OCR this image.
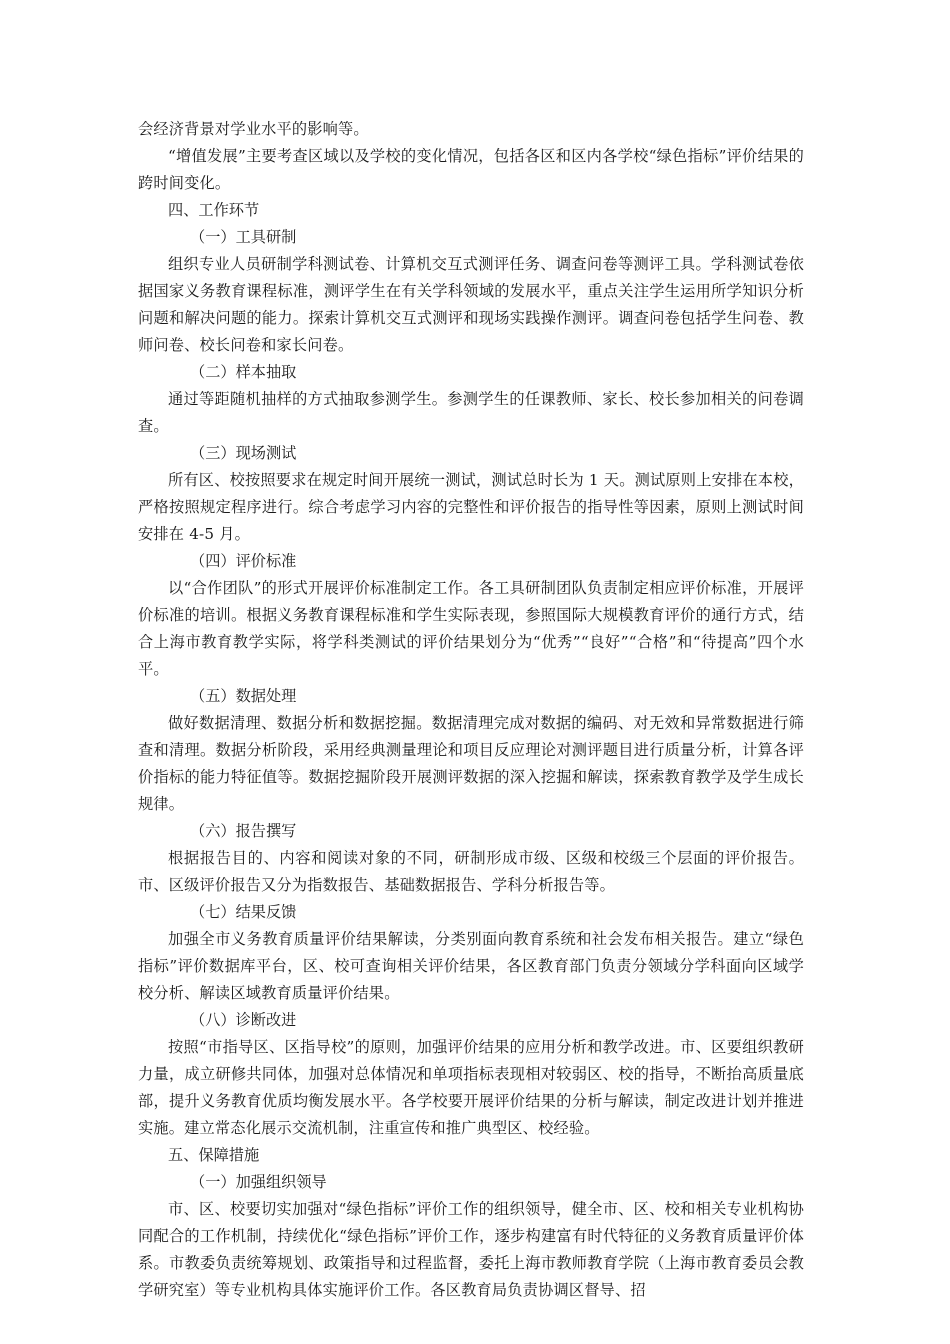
会经济背景对学业水平的影响等。

“增值发展”主要考查区域以及学校的变化情况，包括各区和区内各学校“绿色指标”评价结果的跨时间变化。

四、工作环节

（一）工具研制

组织专业人员研制学科测试卷、计算机交互式测评任务、调查问卷等测评工具。学科测试卷依据国家义务教育课程标准，测评学生在有关学科领域的发展水平，重点关注学生运用所学知识分析问题和解决问题的能力。探索计算机交互式测评和现场实践操作测评。调查问卷包括学生问卷、教师问卷、校长问卷和家长问卷。

（二）样本抽取

通过等距随机抽样的方式抽取参测学生。参测学生的任课教师、家长、校长参加相关的问卷调查。

（三）现场测试

所有区、校按照要求在规定时间开展统一测试，测试总时长为 1 天。测试原则上安排在本校，严格按照规定程序进行。综合考虑学习内容的完整性和评价报告的指导性等因素，原则上测试时间安排在 4-5 月。

（四）评价标准

以“合作团队”的形式开展评价标准制定工作。各工具研制团队负责制定相应评价标准，开展评价标准的培训。根据义务教育课程标准和学生实际表现，参照国际大规模教育评价的通行方式，结合上海市教育教学实际，将学科类测试的评价结果划分为“优秀”“良好”“合格”和“待提高”四个水平。

（五）数据处理

做好数据清理、数据分析和数据挖掘。数据清理完成对数据的编码、对无效和异常数据进行筛查和清理。数据分析阶段，采用经典测量理论和项目反应理论对测评题目进行质量分析，计算各评价指标的能力特征值等。数据挖掘阶段开展测评数据的深入挖掘和解读，探索教育教学及学生成长规律。

（六）报告撰写

根据报告目的、内容和阅读对象的不同，研制形成市级、区级和校级三个层面的评价报告。市、区级评价报告又分为指数报告、基础数据报告、学科分析报告等。

（七）结果反馈

加强全市义务教育质量评价结果解读，分类别面向教育系统和社会发布相关报告。建立“绿色指标”评价数据库平台，区、校可查询相关评价结果，各区教育部门负责分领域分学科面向区域学校分析、解读区域教育质量评价结果。

（八）诊断改进

按照“市指导区、区指导校”的原则，加强评价结果的应用分析和教学改进。市、区要组织教研力量，成立研修共同体，加强对总体情况和单项指标表现相对较弱区、校的指导，不断抬高质量底部，提升义务教育优质均衡发展水平。各学校要开展评价结果的分析与解读，制定改进计划并推进实施。建立常态化展示交流机制，注重宣传和推广典型区、校经验。

五、保障措施

（一）加强组织领导

市、区、校要切实加强对“绿色指标”评价工作的组织领导，健全市、区、校和相关专业机构协同配合的工作机制，持续优化“绿色指标”评价工作，逐步构建富有时代特征的义务教育质量评价体系。市教委负责统筹规划、政策指导和过程监督，委托上海市教师教育学院（上海市教育委员会教学研究室）等专业机构具体实施评价工作。各区教育局负责协调区督导、招
